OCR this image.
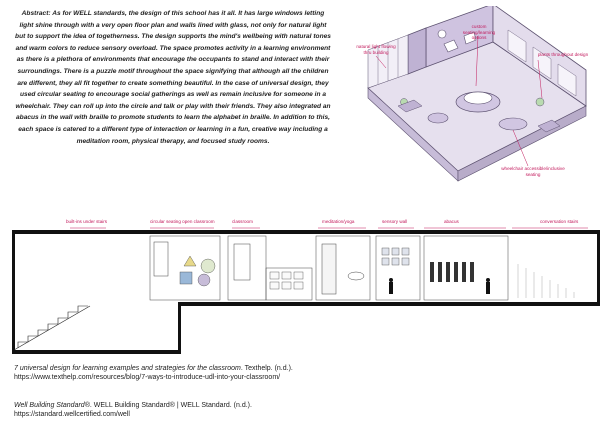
Abstract: As for WELL standards, the design of this school has it all. It has large windows letting light shine through with a very open floor plan and walls lined with glass, not only for natural light but to support the idea of togetherness. The design supports the mind's wellbeing with natural tones and warm colors to reduce sensory overload. The space promotes activity in a learning environment as there is a plethora of environments that encourage the occupants to stand and interact with their surroundings. There is a puzzle motif throughout the space signifying that although all the children are different, they all fit together to create something beautiful. In the case of universal design, they used circular seating to encourage social gatherings as well as remain inclusive for someone in a wheelchair. They can roll up into the circle and talk or play with their friends. They also integrated an abacus in the wall with braille to promote students to learn the alphabet in braille. In addition to this, each space is catered to a different type of interaction or learning in a fun, creative way including a meditation room, physical therapy, and focused study rooms.

natural light flowing thru building
custom seating/learning options
plants throughout design
wheelchair accessible/inclusive seating
built-ins under stairs	circular seating open classroom	classroom	meditation/yoga	sensory wall	abacus	conversation stairs

7 universal design for learning examples and strategies for the classroom. Texthelp. (n.d.).
https://www.texthelp.com/resources/blog/7-ways-to-introduce-udl-into-your-classroom/

Well Building Standard®. WELL Building Standard® | WELL Standard. (n.d.).
https://standard.wellcertified.com/well
